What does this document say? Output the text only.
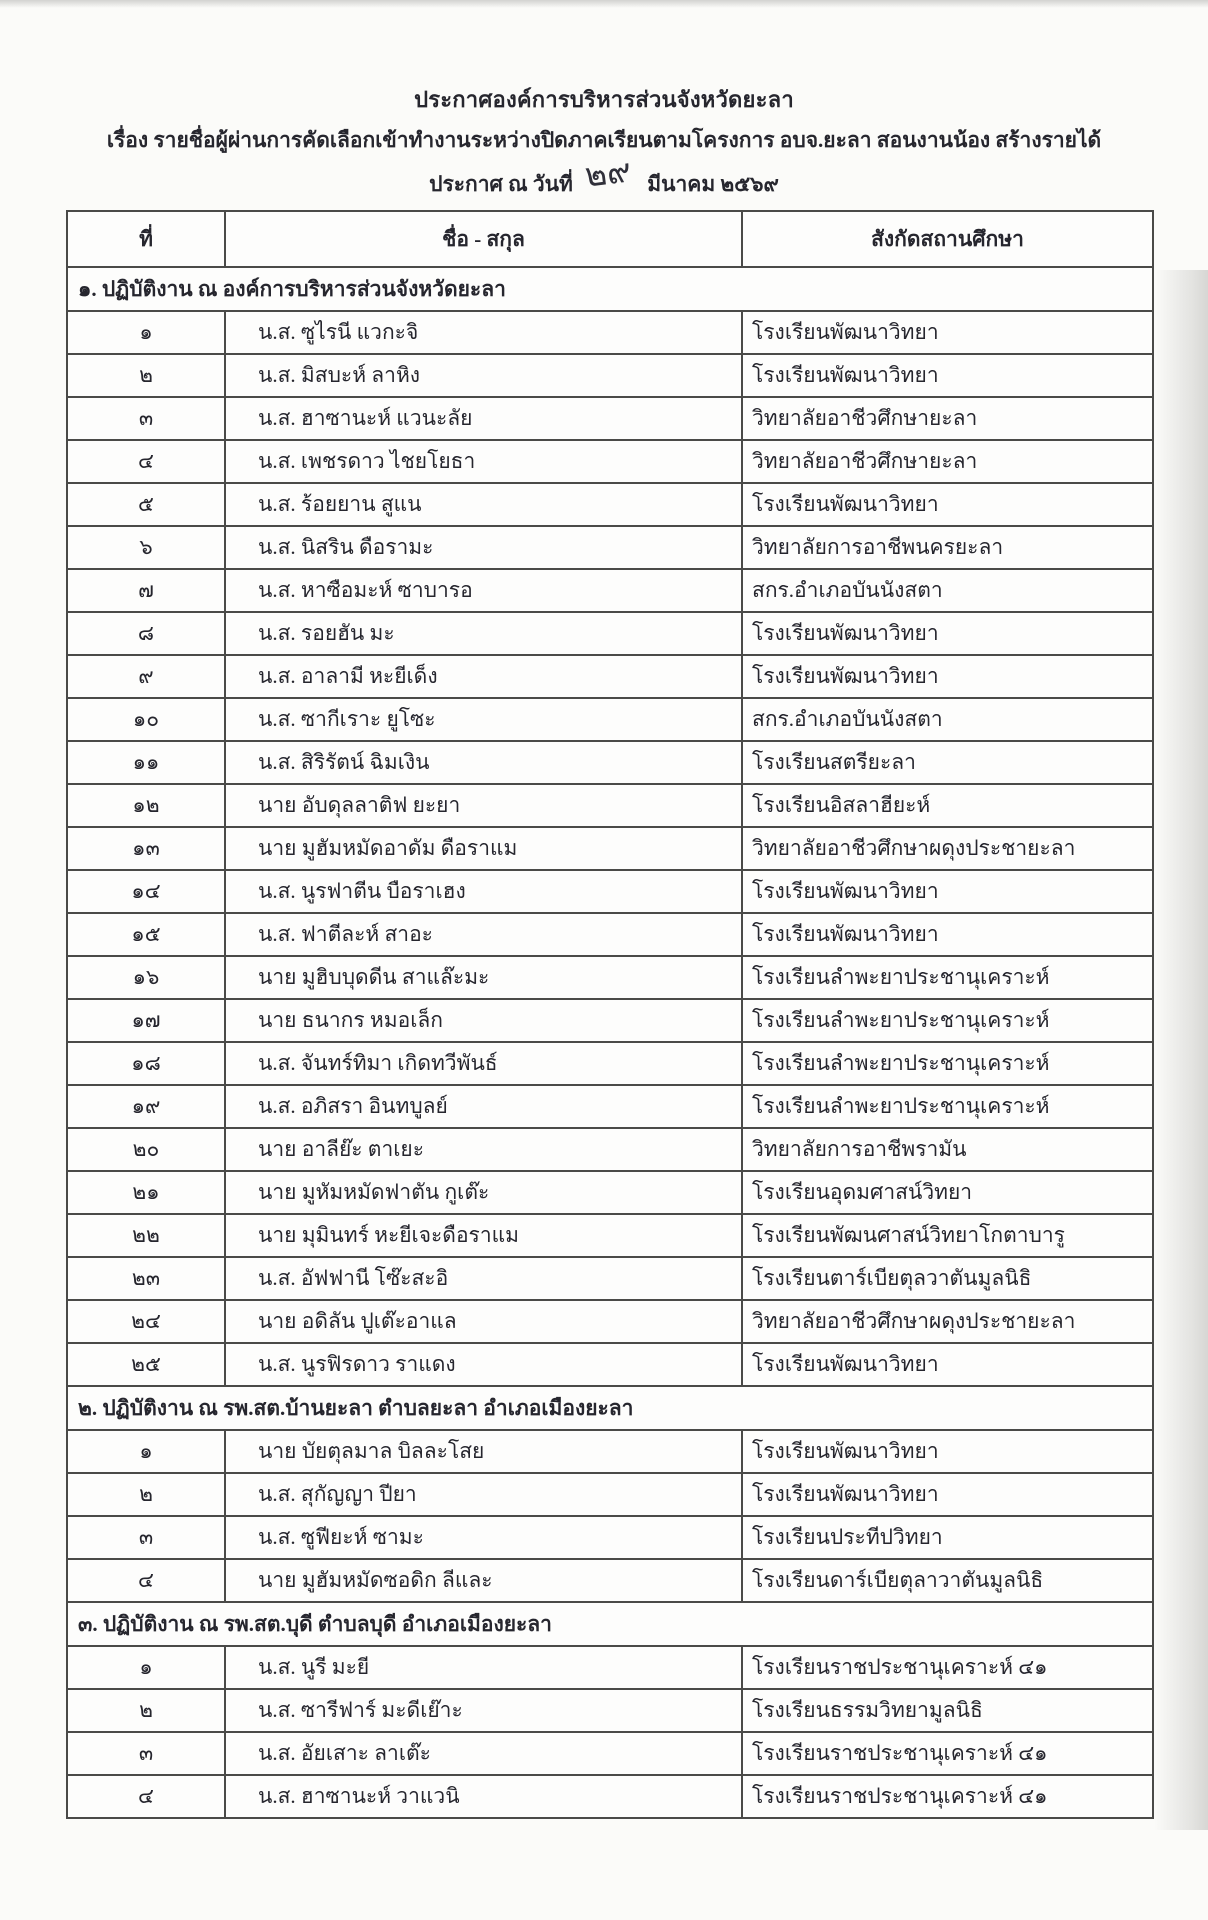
ประกาศองค์การบริหารส่วนจังหวัดยะลา
เรื่อง รายชื่อผู้ผ่านการคัดเลือกเข้าทำงานระหว่างปิดภาคเรียนตามโครงการ อบจ.ยะลา สอนงานน้อง สร้างรายได้
ประกาศ ณ วันที่ ๒๙ มีนาคม ๒๕๖๙
ที่	ชื่อ - สกุล	สังกัดสถานศึกษา
๑. ปฏิบัติงาน ณ องค์การบริหารส่วนจังหวัดยะลา		
๑	น.ส. ซูไรนี แวกะจิ	โรงเรียนพัฒนาวิทยา
๒	น.ส. มิสบะห์ ลาหิง	โรงเรียนพัฒนาวิทยา
๓	น.ส. ฮาซานะห์ แวนะลัย	วิทยาลัยอาชีวศึกษายะลา
๔	น.ส. เพชรดาว ไชยโยธา	วิทยาลัยอาชีวศึกษายะลา
๕	น.ส. ร้อยยาน สูแน	โรงเรียนพัฒนาวิทยา
๖	น.ส. นิสริน ดือรามะ	วิทยาลัยการอาชีพนครยะลา
๗	น.ส. หาซือมะห์ ซาบารอ	สกร.อำเภอบันนังสตา
๘	น.ส. รอยฮัน มะ	โรงเรียนพัฒนาวิทยา
๙	น.ส. อาลามี หะยีเด็ง	โรงเรียนพัฒนาวิทยา
๑๐	น.ส. ซากีเราะ ยูโซะ	สกร.อำเภอบันนังสตา
๑๑	น.ส. สิริรัตน์ ฉิมเงิน	โรงเรียนสตรียะลา
๑๒	นาย อับดุลลาติฟ ยะยา	โรงเรียนอิสลาฮียะห์
๑๓	นาย มูฮัมหมัดอาดัม ดือราแม	วิทยาลัยอาชีวศึกษาผดุงประชายะลา
๑๔	น.ส. นูรฟาตีน บือราเฮง	โรงเรียนพัฒนาวิทยา
๑๕	น.ส. ฟาตีละห์ สาอะ	โรงเรียนพัฒนาวิทยา
๑๖	นาย มูฮิบบุดดีน สาแล๊ะมะ	โรงเรียนลำพะยาประชานุเคราะห์
๑๗	นาย ธนากร หมอเล็ก	โรงเรียนลำพะยาประชานุเคราะห์
๑๘	น.ส. จันทร์ทิมา เกิดทวีพันธ์	โรงเรียนลำพะยาประชานุเคราะห์
๑๙	น.ส. อภิสรา อินทบูลย์	โรงเรียนลำพะยาประชานุเคราะห์
๒๐	นาย อาลีย๊ะ ตาเยะ	วิทยาลัยการอาชีพรามัน
๒๑	นาย มูหัมหมัดฟาตัน กูเต๊ะ	โรงเรียนอุดมศาสน์วิทยา
๒๒	นาย มุมินทร์ หะยีเจะดือราแม	โรงเรียนพัฒนศาสน์วิทยาโกตาบารู
๒๓	น.ส. อัฟฟานี โซ๊ะสะอิ	โรงเรียนตาร์เบียตุลวาตันมูลนิธิ
๒๔	นาย อดิลัน ปูเต๊ะอาแล	วิทยาลัยอาชีวศึกษาผดุงประชายะลา
๒๕	น.ส. นูรฟิรดาว ราแดง	โรงเรียนพัฒนาวิทยา
๒. ปฏิบัติงาน ณ รพ.สต.บ้านยะลา ตำบลยะลา อำเภอเมืองยะลา		
๑	นาย บัยตุลมาล บิลละโสย	โรงเรียนพัฒนาวิทยา
๒	น.ส. สุกัญญา ปียา	โรงเรียนพัฒนาวิทยา
๓	น.ส. ซูฟียะห์ ซามะ	โรงเรียนประทีปวิทยา
๔	นาย มูฮัมหมัดซอดิก ลีและ	โรงเรียนดาร์เบียตุลาวาตันมูลนิธิ
๓. ปฏิบัติงาน ณ รพ.สต.บุดี ตำบลบุดี อำเภอเมืองยะลา		
๑	น.ส. นูรี มะยี	โรงเรียนราชประชานุเคราะห์ ๔๑
๒	น.ส. ซารีฟาร์ มะดีเย๊าะ	โรงเรียนธรรมวิทยามูลนิธิ
๓	น.ส. อัยเสาะ ลาเต๊ะ	โรงเรียนราชประชานุเคราะห์ ๔๑
๔	น.ส. ฮาซานะห์ วาแวนิ	โรงเรียนราชประชานุเคราะห์ ๔๑
